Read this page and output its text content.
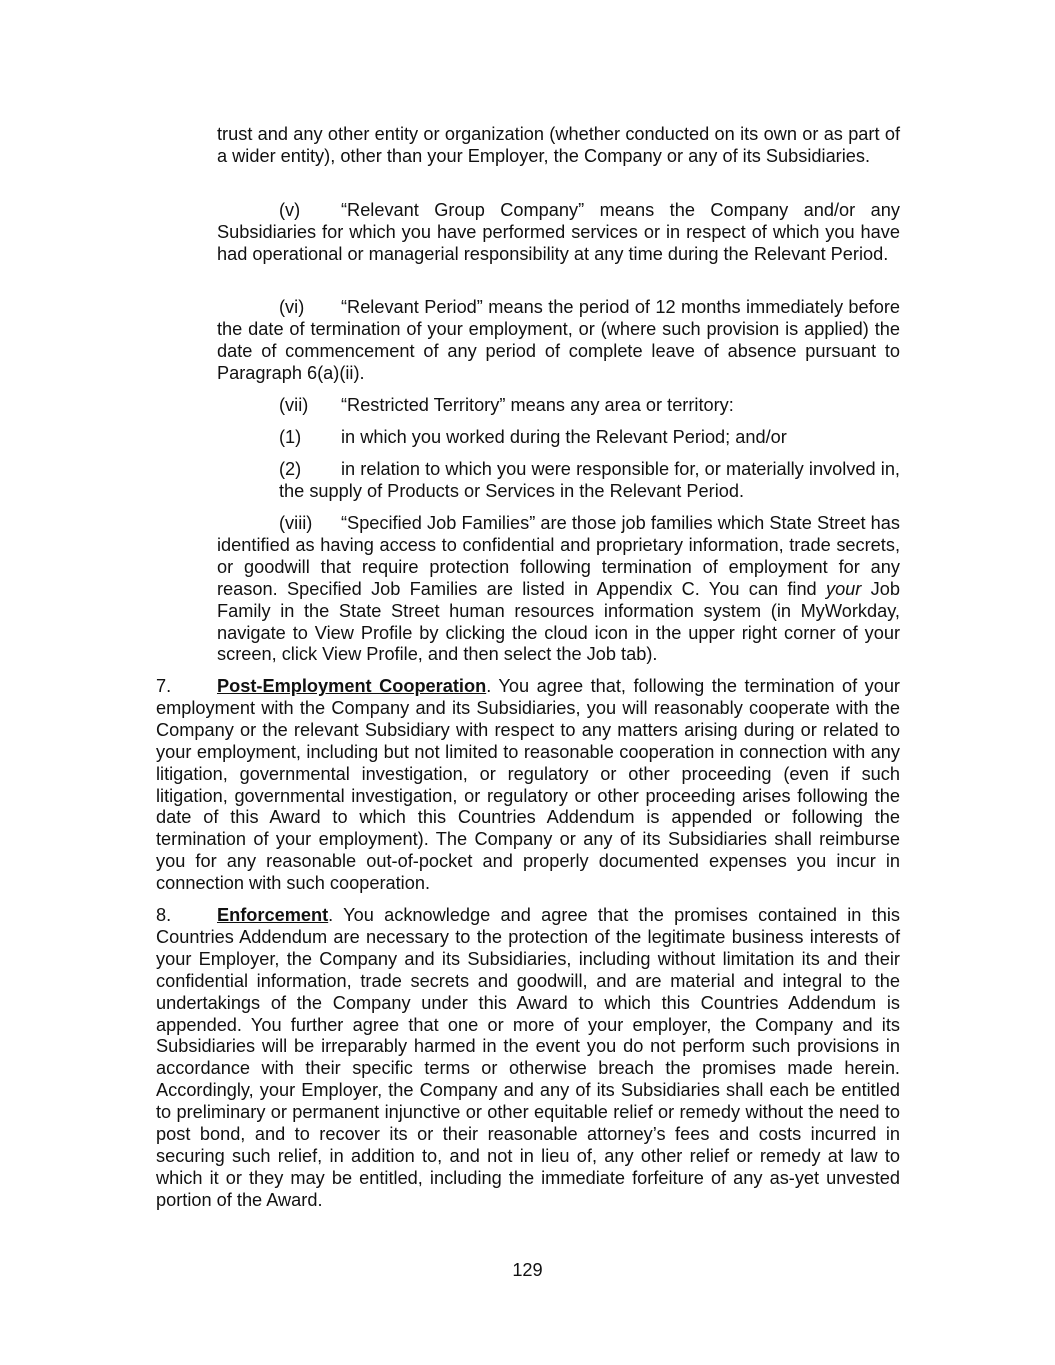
trust and any other entity or organization (whether conducted on its own or as part of a wider entity), other than your Employer, the Company or any of its Subsidiaries.

(v) “Relevant Group Company” means the Company and/or any Subsidiaries for which you have performed services or in respect of which you have had operational or managerial responsibility at any time during the Relevant Period.

(vi) “Relevant Period” means the period of 12 months immediately before the date of termination of your employment, or (where such provision is applied) the date of commencement of any period of complete leave of absence pursuant to Paragraph 6(a)(ii).

(vii) “Restricted Territory” means any area or territory:

(1) in which you worked during the Relevant Period; and/or

(2) in relation to which you were responsible for, or materially involved in, the supply of Products or Services in the Relevant Period.

(viii) “Specified Job Families” are those job families which State Street has identified as having access to confidential and proprietary information, trade secrets, or goodwill that require protection following termination of employment for any reason. Specified Job Families are listed in Appendix C. You can find your Job Family in the State Street human resources information system (in MyWorkday, navigate to View Profile by clicking the cloud icon in the upper right corner of your screen, click View Profile, and then select the Job tab).

7.	Post-Employment Cooperation. You agree that, following the termination of your employment with the Company and its Subsidiaries, you will reasonably cooperate with the Company or the relevant Subsidiary with respect to any matters arising during or related to your employment, including but not limited to reasonable cooperation in connection with any litigation, governmental investigation, or regulatory or other proceeding (even if such litigation, governmental investigation, or regulatory or other proceeding arises following the date of this Award to which this Countries Addendum is appended or following the termination of your employment). The Company or any of its Subsidiaries shall reimburse you for any reasonable out-of-pocket and properly documented expenses you incur in connection with such cooperation.

8.	Enforcement. You acknowledge and agree that the promises contained in this Countries Addendum are necessary to the protection of the legitimate business interests of your Employer, the Company and its Subsidiaries, including without limitation its and their confidential information, trade secrets and goodwill, and are material and integral to the undertakings of the Company under this Award to which this Countries Addendum is appended. You further agree that one or more of your employer, the Company and its Subsidiaries will be irreparably harmed in the event you do not perform such provisions in accordance with their specific terms or otherwise breach the promises made herein. Accordingly, your Employer, the Company and any of its Subsidiaries shall each be entitled to preliminary or permanent injunctive or other equitable relief or remedy without the need to post bond, and to recover its or their reasonable attorney’s fees and costs incurred in securing such relief, in addition to, and not in lieu of, any other relief or remedy at law to which it or they may be entitled, including the immediate forfeiture of any as-yet unvested portion of the Award.

129
